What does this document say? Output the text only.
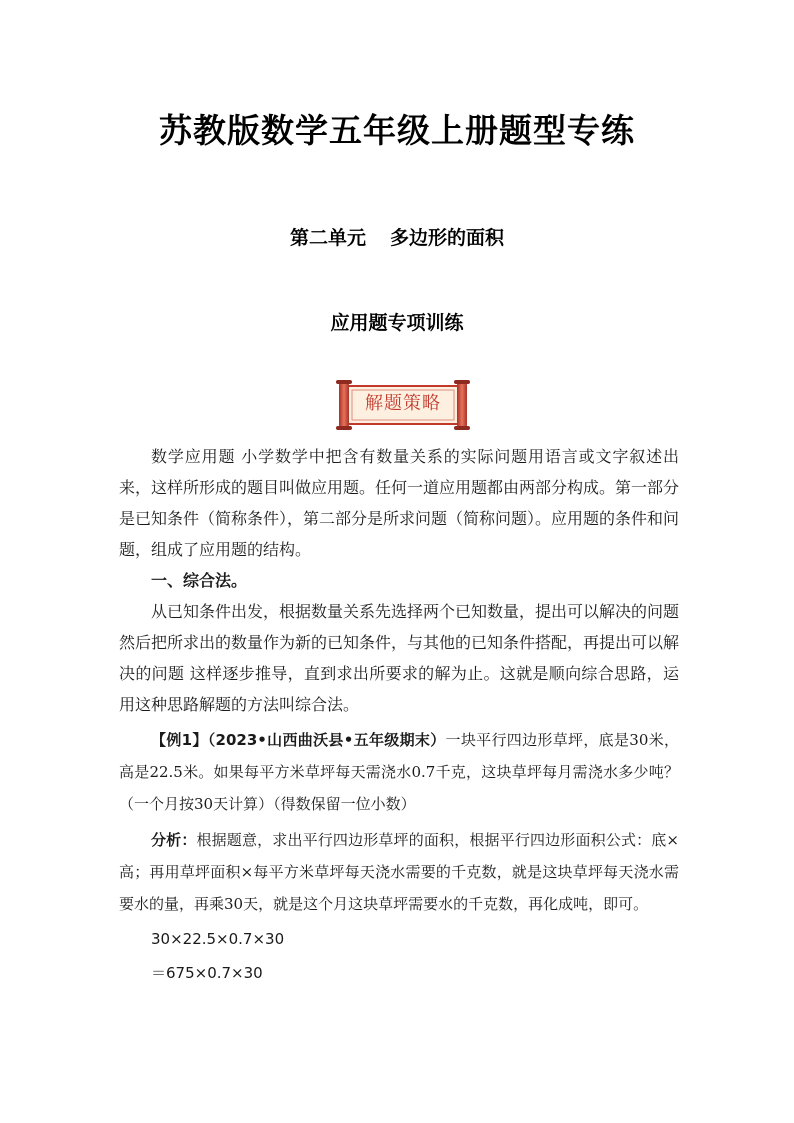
苏教版数学五年级上册题型专练
第二单元 多边形的面积
应用题专项训练
解题策略

数学应用题 小学数学中把含有数量关系的实际问题用语言或文字叙述出来，这样所形成的题目叫做应用题。任何一道应用题都由两部分构成。第一部分是已知条件（简称条件），第二部分是所求问题（简称问题）。应用题的条件和问题，组成了应用题的结构。

一、综合法。

从已知条件出发，根据数量关系先选择两个已知数量，提出可以解决的问题然后把所求出的数量作为新的已知条件，与其他的已知条件搭配，再提出可以解决的问题 这样逐步推导，直到求出所要求的解为止。这就是顺向综合思路，运用这种思路解题的方法叫综合法。

【例1】（2023•山西曲沃县•五年级期末）一块平行四边形草坪，底是30米，高是22.5米。如果每平方米草坪每天需浇水0.7千克，这块草坪每月需浇水多少吨？（一个月按30天计算）（得数保留一位小数）

分析：根据题意，求出平行四边形草坪的面积，根据平行四边形面积公式：底×高；再用草坪面积×每平方米草坪每天浇水需要的千克数，就是这块草坪每天浇水需要水的量，再乘30天，就是这个月这块草坪需要水的千克数，再化成吨，即可。

30×22.5×0.7×30

＝675×0.7×30
